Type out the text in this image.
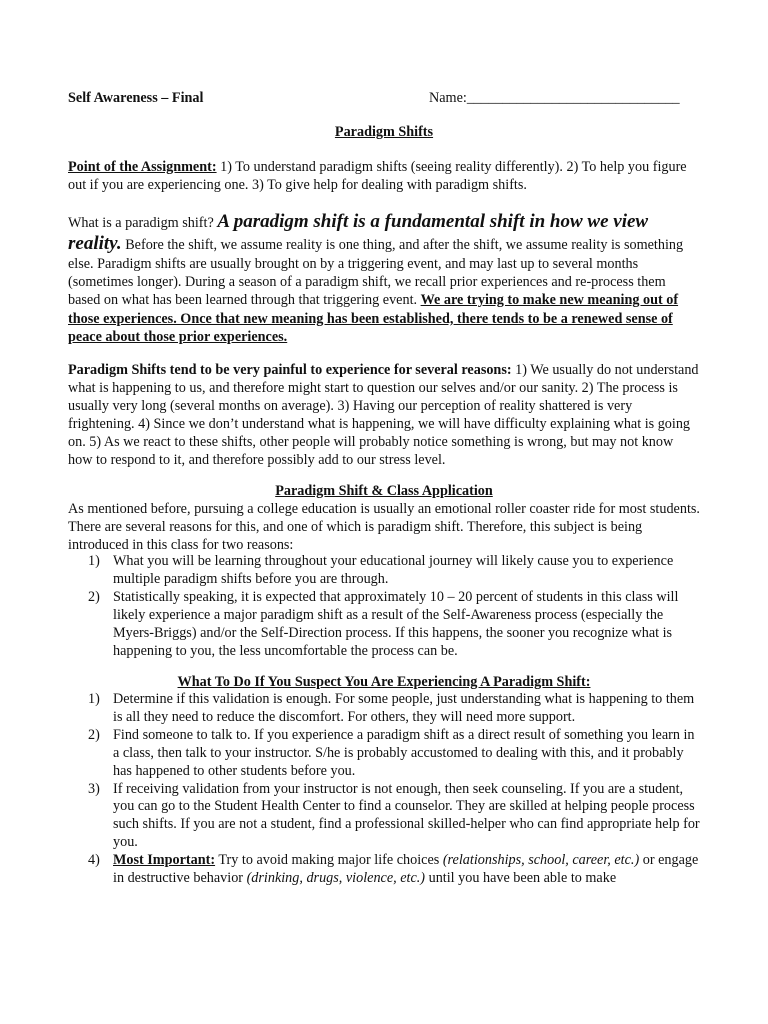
Self Awareness – Final	Name:______________________________
Paradigm Shifts
Point of the Assignment: 1) To understand paradigm shifts (seeing reality differently). 2) To help you figure out if you are experiencing one. 3) To give help for dealing with paradigm shifts.
What is a paradigm shift? A paradigm shift is a fundamental shift in how we view reality. Before the shift, we assume reality is one thing, and after the shift, we assume reality is something else. Paradigm shifts are usually brought on by a triggering event, and may last up to several months (sometimes longer). During a season of a paradigm shift, we recall prior experiences and re-process them based on what has been learned through that triggering event. We are trying to make new meaning out of those experiences. Once that new meaning has been established, there tends to be a renewed sense of peace about those prior experiences.
Paradigm Shifts tend to be very painful to experience for several reasons: 1) We usually do not understand what is happening to us, and therefore might start to question our selves and/or our sanity. 2) The process is usually very long (several months on average). 3) Having our perception of reality shattered is very frightening. 4) Since we don’t understand what is happening, we will have difficulty explaining what is going on. 5) As we react to these shifts, other people will probably notice something is wrong, but may not know how to respond to it, and therefore possibly add to our stress level.
Paradigm Shift & Class Application
As mentioned before, pursuing a college education is usually an emotional roller coaster ride for most students. There are several reasons for this, and one of which is paradigm shift. Therefore, this subject is being introduced in this class for two reasons:
1) What you will be learning throughout your educational journey will likely cause you to experience multiple paradigm shifts before you are through.
2) Statistically speaking, it is expected that approximately 10 – 20 percent of students in this class will likely experience a major paradigm shift as a result of the Self-Awareness process (especially the Myers-Briggs) and/or the Self-Direction process. If this happens, the sooner you recognize what is happening to you, the less uncomfortable the process can be.
What To Do If You Suspect You Are Experiencing A Paradigm Shift:
1) Determine if this validation is enough. For some people, just understanding what is happening to them is all they need to reduce the discomfort. For others, they will need more support.
2) Find someone to talk to. If you experience a paradigm shift as a direct result of something you learn in a class, then talk to your instructor. S/he is probably accustomed to dealing with this, and it probably has happened to other students before you.
3) If receiving validation from your instructor is not enough, then seek counseling. If you are a student, you can go to the Student Health Center to find a counselor. They are skilled at helping people process such shifts. If you are not a student, find a professional skilled-helper who can find appropriate help for you.
4) Most Important: Try to avoid making major life choices (relationships, school, career, etc.) or engage in destructive behavior (drinking, drugs, violence, etc.) until you have been able to make
